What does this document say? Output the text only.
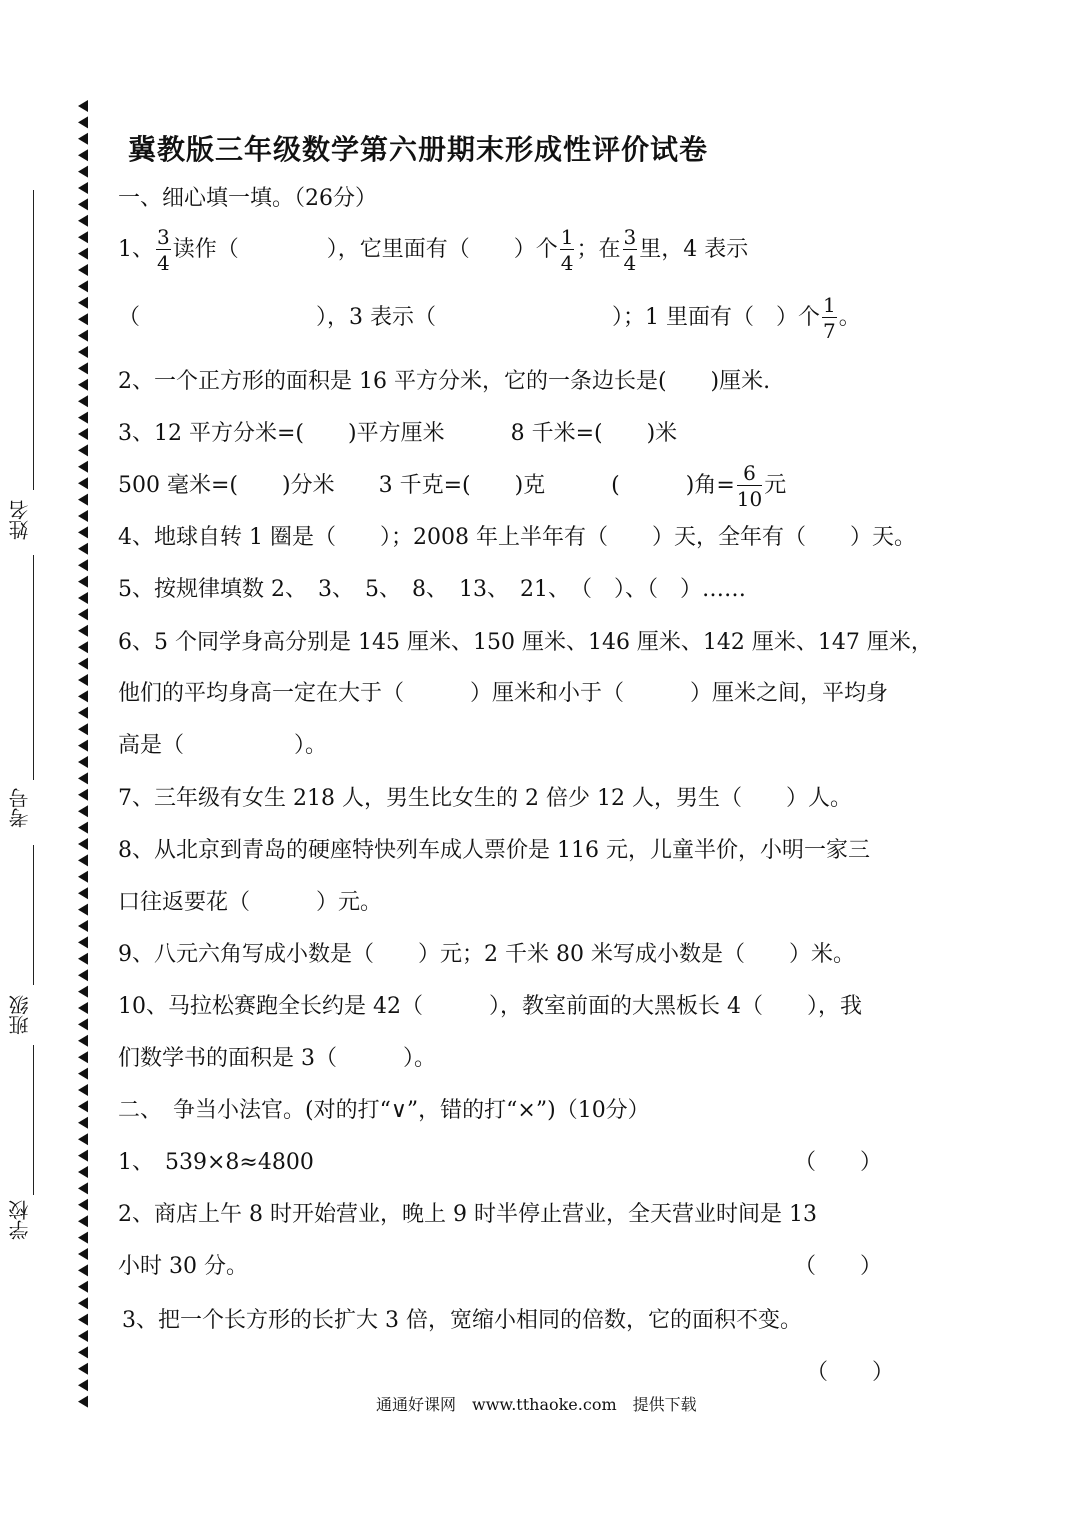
姓名
考号
班级
学校
冀教版三年级数学第六册期末形成性评价试卷
一、细心填一填。（26分）
1、 $\frac{3}{4}$ 读作（　　　　），它里面有（　　）个 $\frac{1}{4}$ ；在 $\frac{3}{4}$ 里，4 表示
（　　　　　　　　），3 表示（　　　　　　　　）；1 里面有（　）个 $\frac{1}{7}$ 。
2、一个正方形的面积是 16 平方分米，它的一条边长是(　　)厘米.
3、12 平方分米=(　　)平方厘米　　　8 千米=(　　)米
500 毫米=(　　)分米　　3 千克=(　　)克　　　(　　　)角= $\frac{6}{10}$ 元
4、地球自转 1 圈是（　　）；2008 年上半年有（　　）天，全年有（　　）天。
5、按规律填数 2、　3、　5、　8、　13、　21、　（　）、（　）……
6、5 个同学身高分别是 145 厘米、150 厘米、146 厘米、142 厘米、147 厘米，
他们的平均身高一定在大于（　　　）厘米和小于（　　　）厘米之间，平均身
高是（　　　　　）。
7、三年级有女生 218 人，男生比女生的 2 倍少 12 人，男生（　　）人。
8、从北京到青岛的硬座特快列车成人票价是 116 元，儿童半价，小明一家三
口往返要花（　　　）元。
9、八元六角写成小数是（　　）元；2 千米 80 米写成小数是（　　）米。
10、马拉松赛跑全长约是 42（　　　），教室前面的大黑板长 4（　　），我
们数学书的面积是 3（　　　）。
二、　争当小法官。(对的打“∨”，错的打“×”)（10分）
1、　539×8≈4800	（　　）
2、商店上午 8 时开始营业，晚上 9 时半停止营业，全天营业时间是 13
小时 30 分。	（　　）
3、把一个长方形的长扩大 3 倍，宽缩小相同的倍数，它的面积不变。
（　　）
通通好课网　www.tthaoke.com　提供下载
